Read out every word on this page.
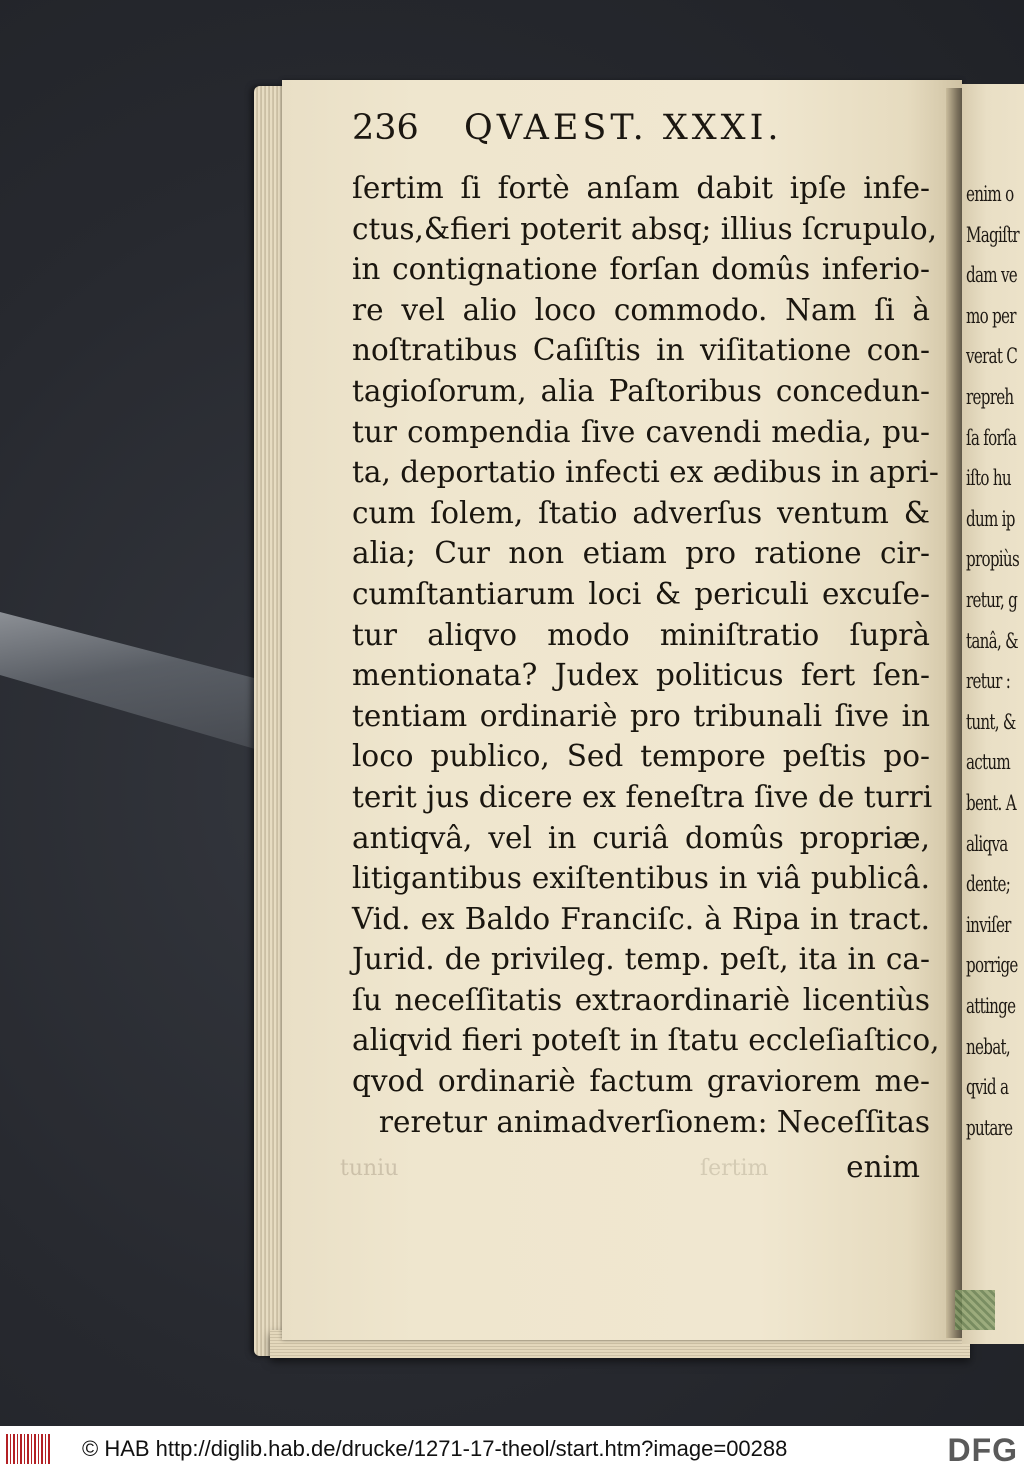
enim o
Magiſtr
dam ve
mo per
verat C
repreh
ſa forſa
iſto hu
dum ip
propiùs
retur, g
tanâ, &
retur :
tunt, &
actum
bent. A
aliqva
dente;
inviſer
porrige
attinge
nebat,
qvid a
putare
236 QVAEST. XXXI.
ſertim ſi fortè anſam dabit ipſe infe-
ctus,&fieri poterit absq; illius ſcrupulo,
in contignatione forſan domûs inferio-
re vel alio loco commodo. Nam ſi à
noſtratibus Caſiſtis in viſitatione con-
tagioſorum, alia Paſtoribus concedun-
tur compendia ſive cavendi media, pu-
ta, deportatio infecti ex ædibus in apri-
cum ſolem, ſtatio adverſus ventum &
alia; Cur non etiam pro ratione cir-
cumſtantiarum loci & periculi excuſe-
tur aliqvo modo miniſtratio ſuprà
mentionata? Judex politicus fert ſen-
tentiam ordinariè pro tribunali ſive in
loco publico, Sed tempore peſtis po-
terit jus dicere ex feneſtra ſive de turri
antiqvâ, vel in curiâ domûs propriæ,
litigantibus exiſtentibus in viâ publicâ.
Vid. ex Baldo Franciſc. à Ripa in tract.
Jurid. de privileg. temp. peſt, ita in ca-
ſu neceſſitatis extraordinariè licentiùs
aliqvid fieri poteſt in ſtatu eccleſiaſtico,
qvod ordinariè factum graviorem me-
reretur animadverſionem: Neceſſitas
tuniu	ſertim	enim
© HAB http://diglib.hab.de/drucke/1271-17-theol/start.htm?image=00288	DFG
